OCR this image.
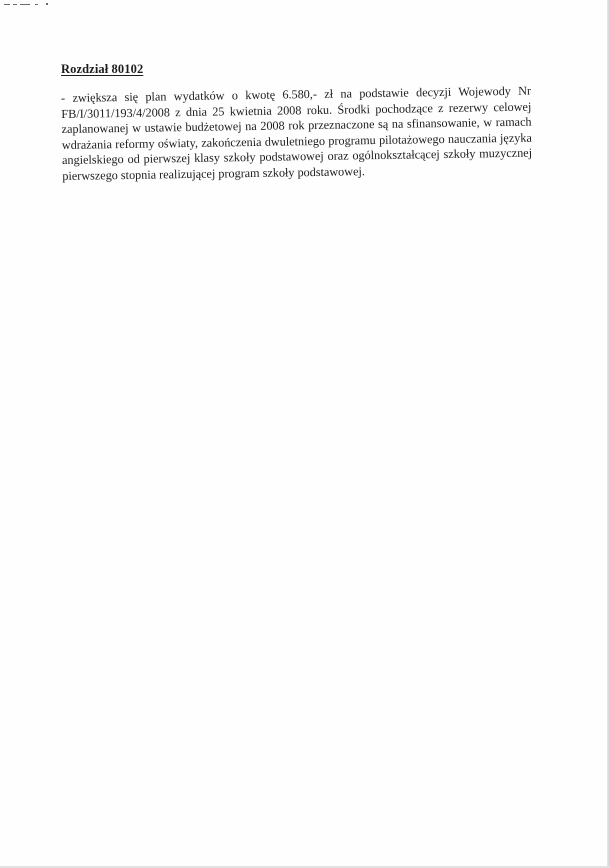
Rozdział 80102

- zwiększa się plan wydatków o kwotę 6.580,- zł na podstawie decyzji Wojewody Nr FB/I/3011/193/4/2008 z dnia 25 kwietnia 2008 roku. Środki pochodzące z rezerwy celowej zaplanowanej w ustawie budżetowej na 2008 rok przeznaczone są na sfinansowanie, w ramach wdrażania reformy oświaty, zakończenia dwuletniego programu pilotażowego nauczania języka angielskiego od pierwszej klasy szkoły podstawowej oraz ogólnokształcącej szkoły muzycznej pierwszego stopnia realizującej program szkoły podstawowej.
